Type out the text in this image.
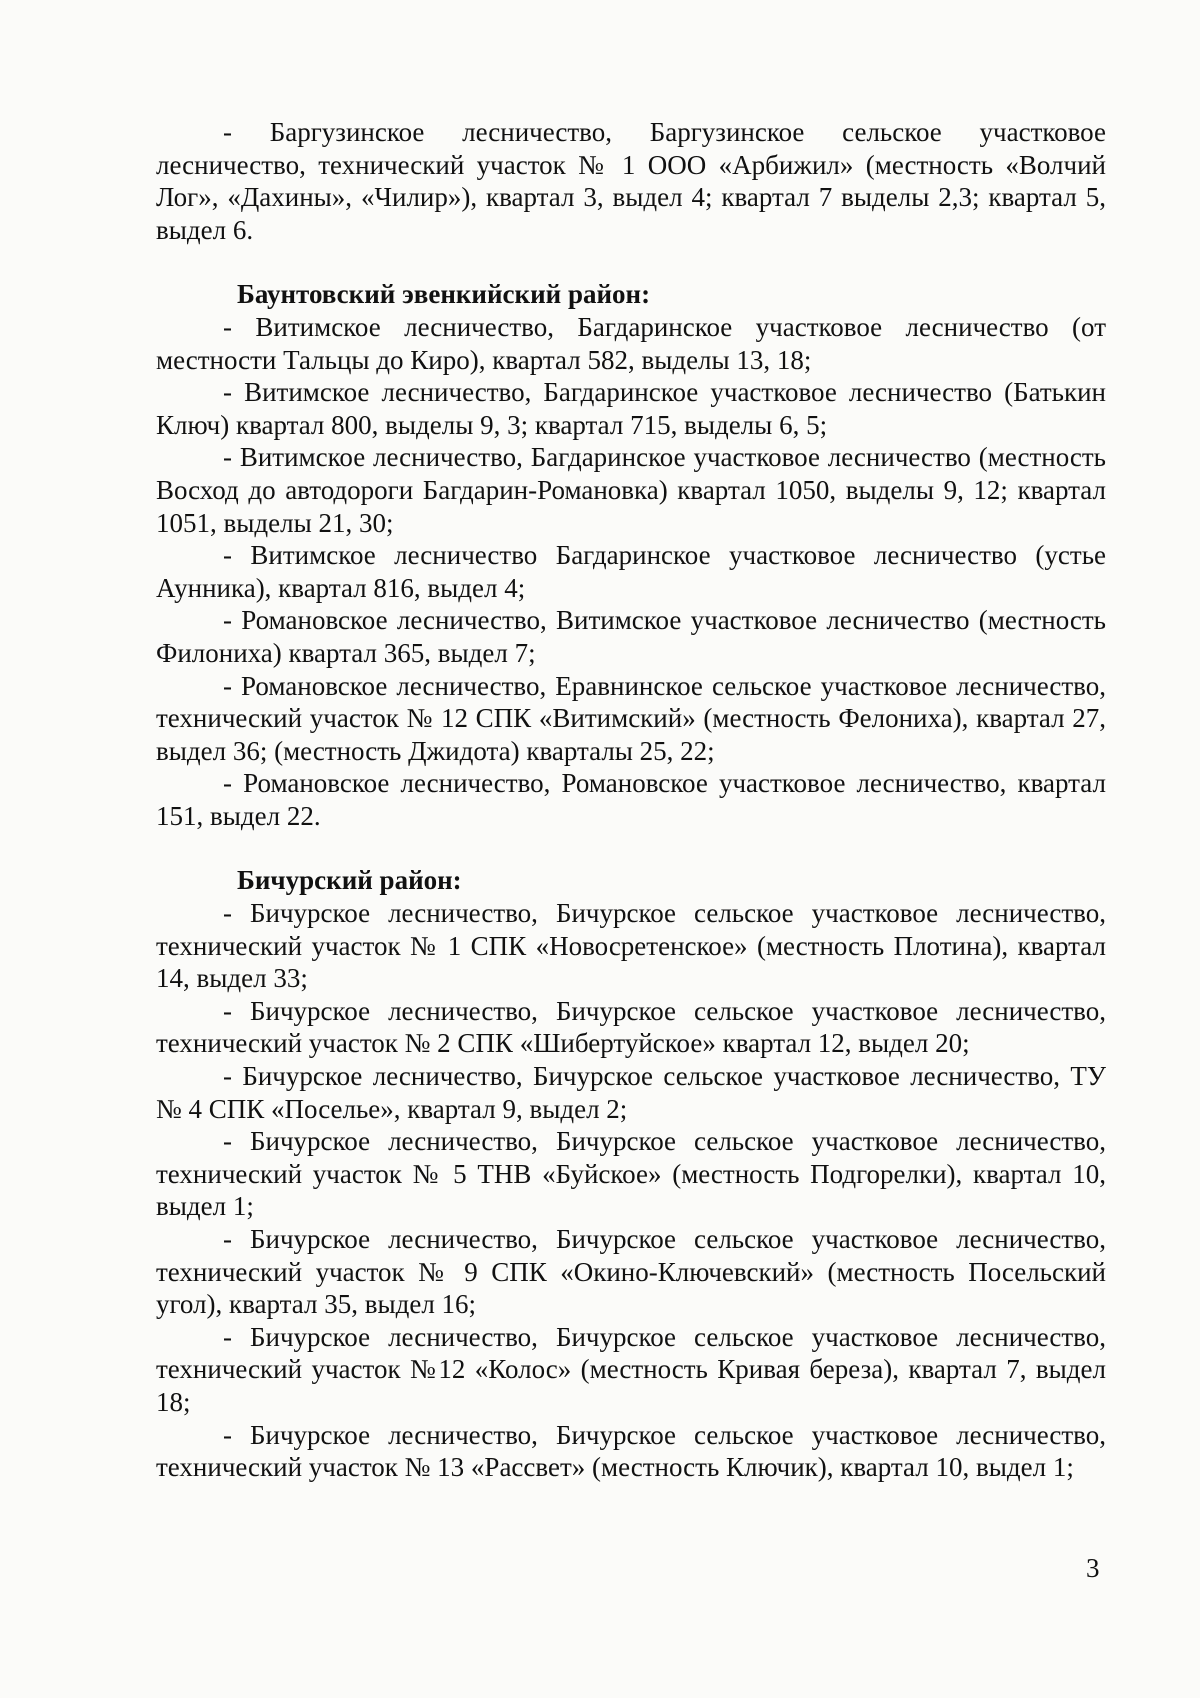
- Баргузинское лесничество, Баргузинское сельское участковое лесничество, технический участок № 1 ООО «Арбижил» (местность «Волчий Лог», «Дахины», «Чилир»), квартал 3, выдел 4; квартал 7 выделы 2,3; квартал 5, выдел 6.

Баунтовский эвенкийский район:

- Витимское лесничество, Багдаринское участковое лесничество (от местности Тальцы до Киро), квартал 582, выделы 13, 18;

- Витимское лесничество, Багдаринское участковое лесничество (Батькин Ключ) квартал 800, выделы 9, 3; квартал 715, выделы 6, 5;

- Витимское лесничество, Багдаринское участковое лесничество (местность Восход до автодороги Багдарин-Романовка) квартал 1050, выделы 9, 12; квартал 1051, выделы 21, 30;

- Витимское лесничество Багдаринское участковое лесничество (устье Аунника), квартал 816, выдел 4;

- Романовское лесничество, Витимское участковое лесничество (местность Филониха) квартал 365, выдел 7;

- Романовское лесничество, Еравнинское сельское участковое лесничество, технический участок № 12 СПК «Витимский» (местность Фелониха), квартал 27, выдел 36; (местность Джидота) кварталы 25, 22;

- Романовское лесничество, Романовское участковое лесничество, квартал 151, выдел 22.

Бичурский район:

- Бичурское лесничество, Бичурское сельское участковое лесничество, технический участок № 1 СПК «Новосретенское» (местность Плотина), квартал 14, выдел 33;

- Бичурское лесничество, Бичурское сельское участковое лесничество, технический участок № 2 СПК «Шибертуйское» квартал 12, выдел 20;

- Бичурское лесничество, Бичурское сельское участковое лесничество, ТУ № 4 СПК «Поселье», квартал 9, выдел 2;

- Бичурское лесничество, Бичурское сельское участковое лесничество, технический участок № 5 ТНВ «Буйское» (местность Подгорелки), квартал 10, выдел 1;

- Бичурское лесничество, Бичурское сельское участковое лесничество, технический участок № 9 СПК «Окино-Ключевский» (местность Посельский угол), квартал 35, выдел 16;

- Бичурское лесничество, Бичурское сельское участковое лесничество, технический участок №12 «Колос» (местность Кривая береза), квартал 7, выдел 18;

- Бичурское лесничество, Бичурское сельское участковое лесничество, технический участок № 13 «Рассвет» (местность Ключик), квартал 10, выдел 1;

3
